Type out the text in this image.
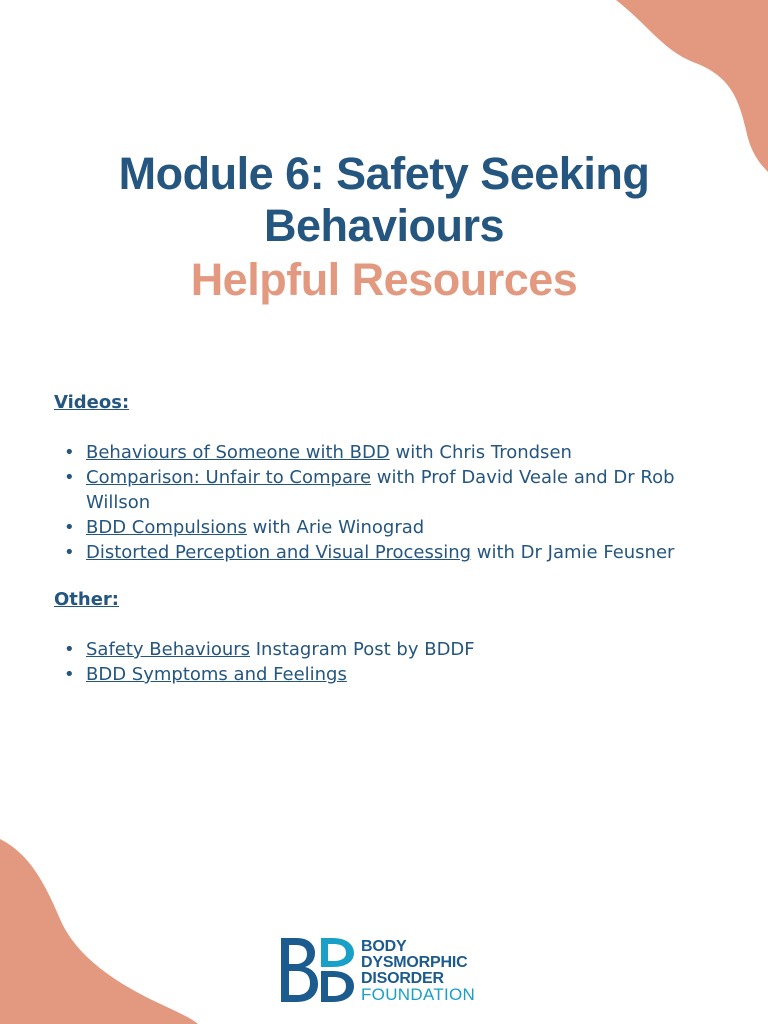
Module 6: Safety Seeking
Behaviours
Helpful Resources

Videos:

• Behaviours of Someone with BDD with Chris Trondsen
• Comparison: Unfair to Compare with Prof David Veale and Dr Rob Willson
• BDD Compulsions with Arie Winograd
• Distorted Perception and Visual Processing with Dr Jamie Feusner

Other:

• Safety Behaviours Instagram Post by BDDF
• BDD Symptoms and Feelings
BODY
DYSMORPHIC
DISORDER
FOUNDATION
